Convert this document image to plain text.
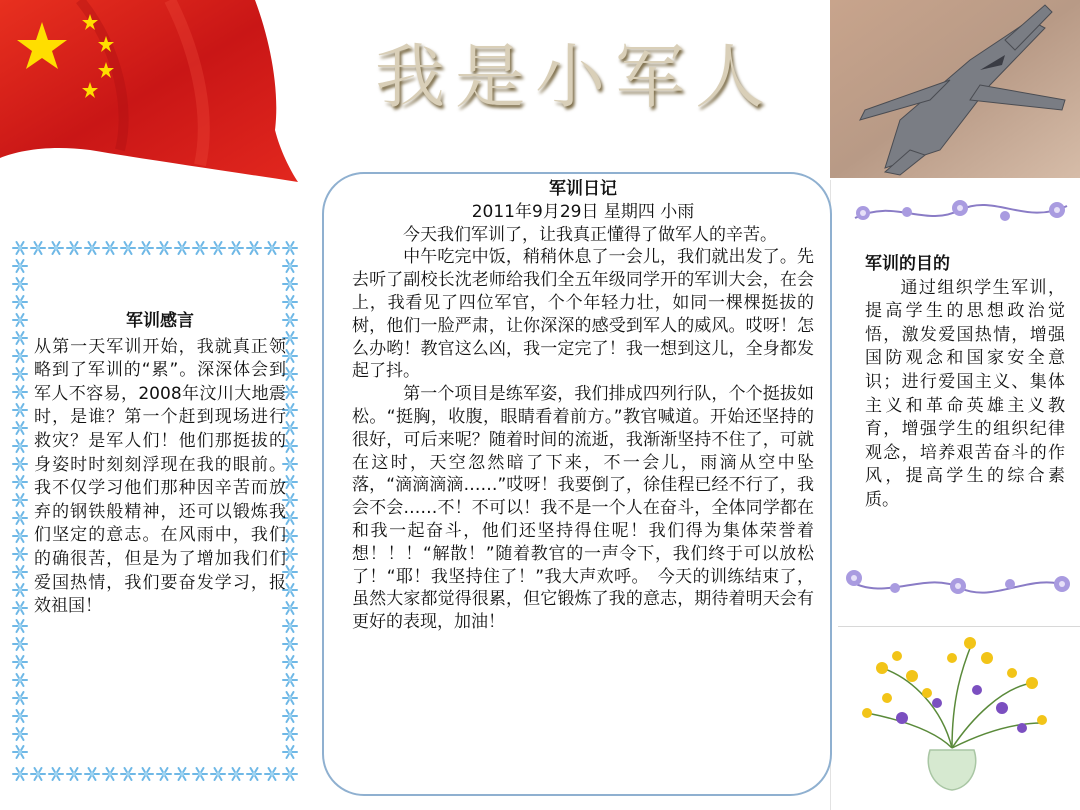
我是小军人
军训感言

从第一天军训开始，我就真正领略到了军训的“累”。深深体会到军人不容易，2008年汶川大地震时，是谁？第一个赶到现场进行救灾？是军人们！他们那挺拔的身姿时时刻刻浮现在我的眼前。我不仅学习他们那种因辛苦而放弃的钢铁般精神，还可以锻炼我们坚定的意志。在风雨中，我们的确很苦，但是为了增加我们们爱国热情，我们要奋发学习，报效祖国！

军训日记
2011年9月29日 星期四 小雨

今天我们军训了，让我真正懂得了做军人的辛苦。

中午吃完中饭，稍稍休息了一会儿，我们就出发了。先去听了副校长沈老师给我们全五年级同学开的军训大会，在会上，我看见了四位军官，个个年轻力壮，如同一棵棵挺拔的树，他们一脸严肃，让你深深的感受到军人的威风。哎呀！怎么办哟！教官这么凶，我一定完了！我一想到这儿，全身都发起了抖。

第一个项目是练军姿，我们排成四列行队，个个挺拔如松。“挺胸，收腹，眼睛看着前方。”教官喊道。开始还坚持的很好，可后来呢？随着时间的流逝，我渐渐坚持不住了，可就在这时，天空忽然暗了下来，不一会儿，雨滴从空中坠落，“滴滴滴滴……”哎呀！我要倒了，徐佳程已经不行了，我会不会……不！不可以！我不是一个人在奋斗，全体同学都在和我一起奋斗，他们还坚持得住呢！我们得为集体荣誉着想！！！“解散！”随着教官的一声令下，我们终于可以放松了！“耶！我坚持住了！”我大声欢呼。　今天的训练结束了，虽然大家都觉得很累，但它锻炼了我的意志，期待着明天会有更好的表现，加油！

军训的目的

通过组织学生军训，提高学生的思想政治觉悟，激发爱国热情，增强国防观念和国家安全意识；进行爱国主义、集体主义和革命英雄主义教育，增强学生的组织纪律观念，培养艰苦奋斗的作风，提高学生的综合素质。
